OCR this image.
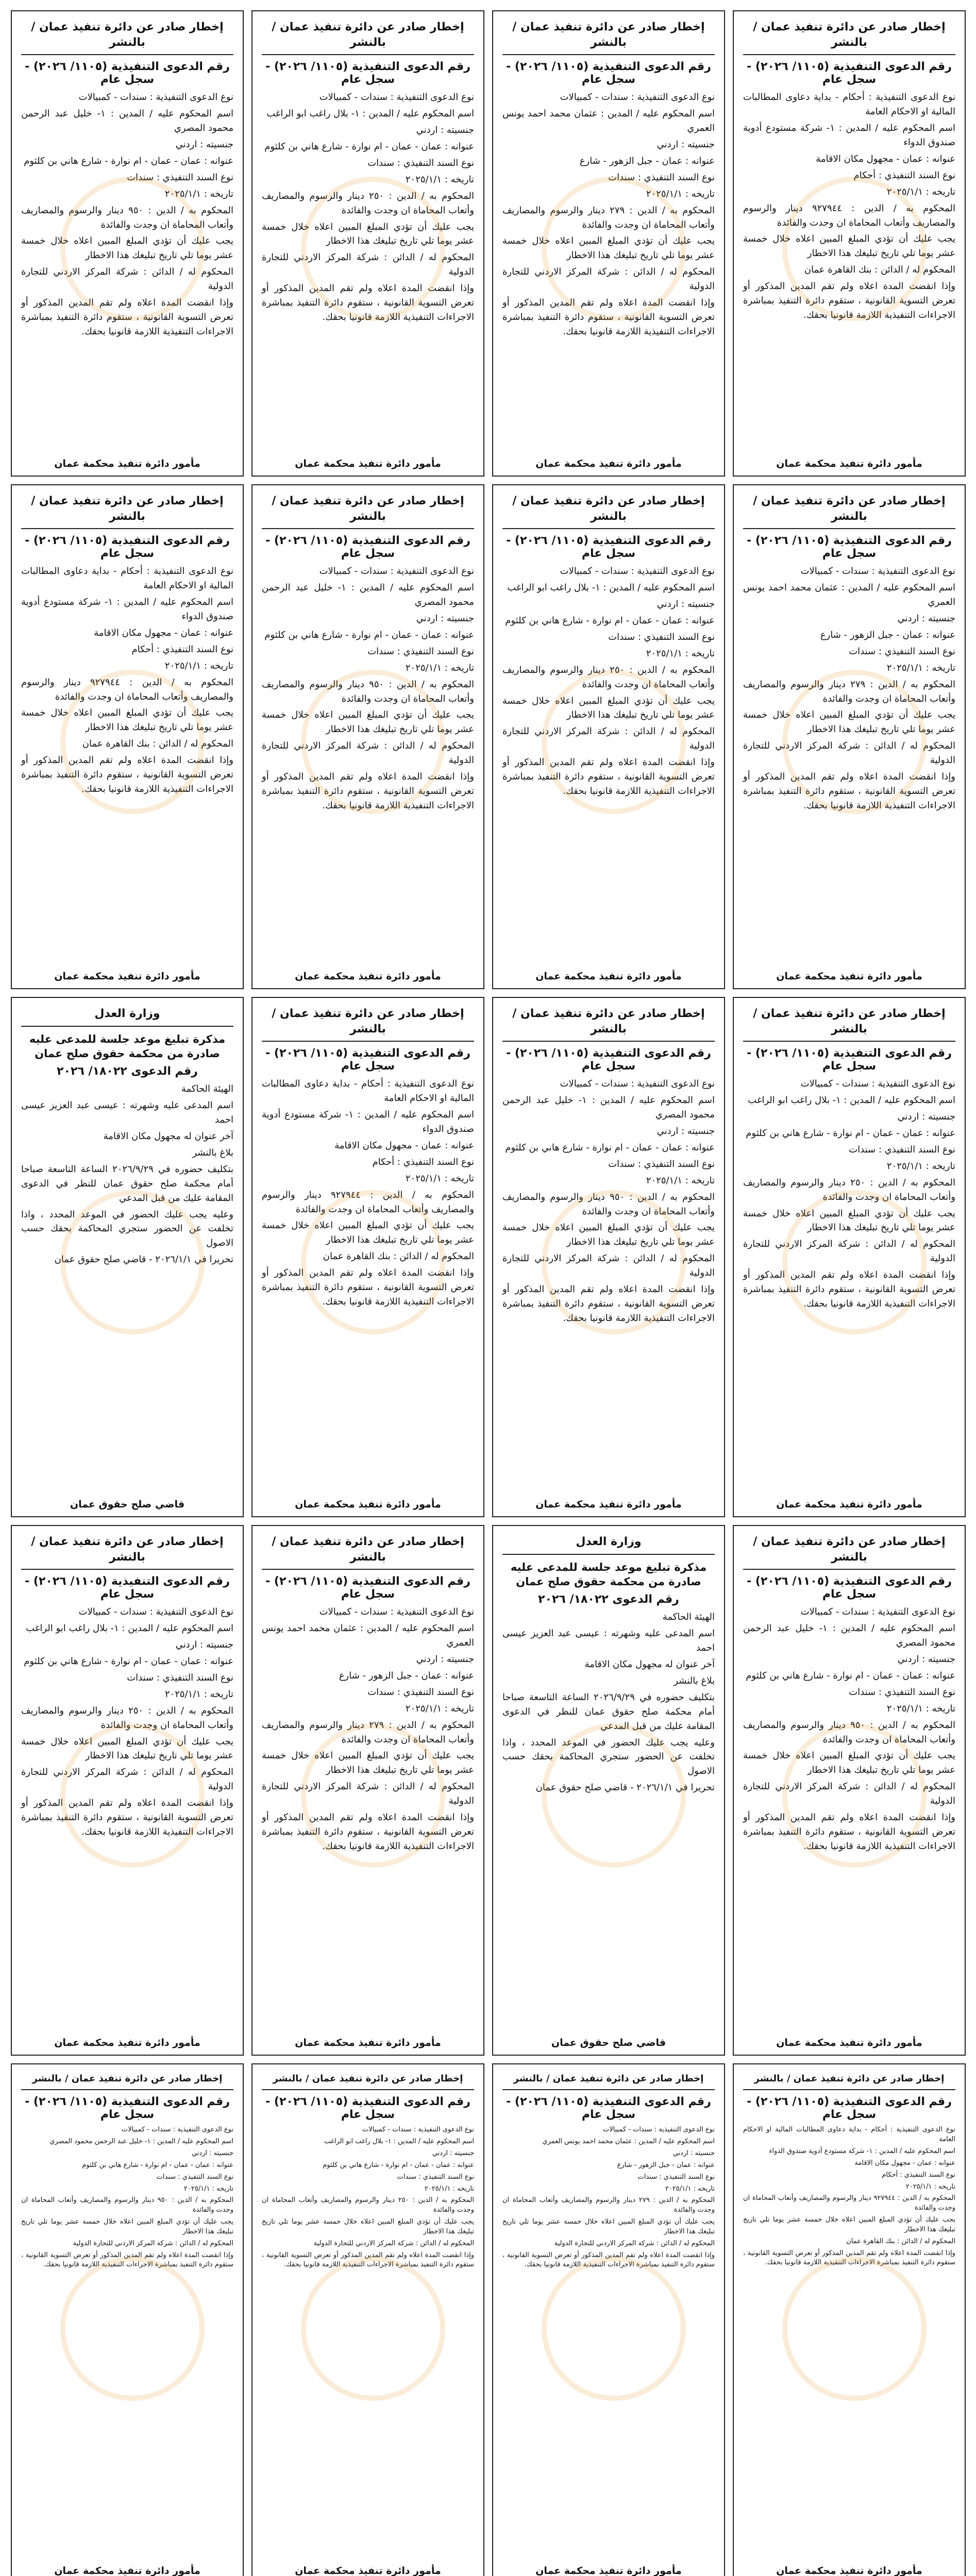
إخطار صادر عن دائرة تنفيذ عمان / بالنشر
رقم الدعوى التنفيذية (١١٠٥/ ٢٠٢٦) - سجل عام

نوع الدعوى التنفيذية : أحكام - بداية دعاوى المطالبات المالية او الاحكام العامة

اسم المحكوم عليه / المدين : ١- شركة مستودع أدوية صندوق الدواء

عنوانه : عمان - مجهول مكان الاقامة

نوع السند التنفيذي : أحكام

تاريخه : ٢٠٢٥/١/١

المحكوم به / الدين : ٩٢٧٩٤٤ دينار والرسوم والمصاريف وأتعاب المحاماة ان وجدت والفائدة

يجب عليك أن تؤدي المبلغ المبين اعلاه خلال خمسة عشر يوما تلي تاريخ تبليغك هذا الاخطار

المحكوم له / الدائن : بنك القاهرة عمان

وإذا انقضت المدة اعلاه ولم تقم المدين المذكور أو تعرض التسوية القانونية ، ستقوم دائرة التنفيذ بمباشرة الاجراءات التنفيذية اللازمة قانونيا بحقك.

مأمور دائرة تنفيذ محكمة عمان
إخطار صادر عن دائرة تنفيذ عمان / بالنشر
رقم الدعوى التنفيذية (١١٠٥/ ٢٠٢٦) - سجل عام

نوع الدعوى التنفيذية : سندات - كمبيالات

اسم المحكوم عليه / المدين : عثمان محمد احمد يونس العمري

جنسيته : اردني

عنوانه : عمان - جبل الزهور - شارع

نوع السند التنفيذي : سندات

تاريخه : ٢٠٢٥/١/١

المحكوم به / الدين : ٢٧٩ دينار والرسوم والمصاريف وأتعاب المحاماة ان وجدت والفائدة

يجب عليك أن تؤدي المبلغ المبين اعلاه خلال خمسة عشر يوما تلي تاريخ تبليغك هذا الاخطار

المحكوم له / الدائن : شركة المركز الاردني للتجارة الدولية

وإذا انقضت المدة اعلاه ولم تقم المدين المذكور أو تعرض التسوية القانونية ، ستقوم دائرة التنفيذ بمباشرة الاجراءات التنفيذية اللازمة قانونيا بحقك.

مأمور دائرة تنفيذ محكمة عمان
إخطار صادر عن دائرة تنفيذ عمان / بالنشر
رقم الدعوى التنفيذية (١١٠٥/ ٢٠٢٦) - سجل عام

نوع الدعوى التنفيذية : سندات - كمبيالات

اسم المحكوم عليه / المدين : ١- بلال راغب ابو الراغب

جنسيته : اردني

عنوانه : عمان - عمان - ام نوارة - شارع هاني بن كلثوم

نوع السند التنفيذي : سندات

تاريخه : ٢٠٢٥/١/١

المحكوم به / الدين : ٢٥٠ دينار والرسوم والمصاريف وأتعاب المحاماة ان وجدت والفائدة

يجب عليك أن تؤدي المبلغ المبين اعلاه خلال خمسة عشر يوما تلي تاريخ تبليغك هذا الاخطار

المحكوم له / الدائن : شركة المركز الاردني للتجارة الدولية

وإذا انقضت المدة اعلاه ولم تقم المدين المذكور أو تعرض التسوية القانونية ، ستقوم دائرة التنفيذ بمباشرة الاجراءات التنفيذية اللازمة قانونيا بحقك.

مأمور دائرة تنفيذ محكمة عمان
إخطار صادر عن دائرة تنفيذ عمان / بالنشر
رقم الدعوى التنفيذية (١١٠٥/ ٢٠٢٦) - سجل عام

نوع الدعوى التنفيذية : سندات - كمبيالات

اسم المحكوم عليه / المدين : ١- خليل عبد الرحمن محمود المصري

جنسيته : اردني

عنوانه : عمان - عمان - ام نوارة - شارع هاني بن كلثوم

نوع السند التنفيذي : سندات

تاريخه : ٢٠٢٥/١/١

المحكوم به / الدين : ٩٥٠ دينار والرسوم والمصاريف وأتعاب المحاماة ان وجدت والفائدة

يجب عليك أن تؤدي المبلغ المبين اعلاه خلال خمسة عشر يوما تلي تاريخ تبليغك هذا الاخطار

المحكوم له / الدائن : شركة المركز الاردني للتجارة الدولية

وإذا انقضت المدة اعلاه ولم تقم المدين المذكور أو تعرض التسوية القانونية ، ستقوم دائرة التنفيذ بمباشرة الاجراءات التنفيذية اللازمة قانونيا بحقك.

مأمور دائرة تنفيذ محكمة عمان
إخطار صادر عن دائرة تنفيذ عمان / بالنشر
رقم الدعوى التنفيذية (١١٠٥/ ٢٠٢٦) - سجل عام

نوع الدعوى التنفيذية : سندات - كمبيالات

اسم المحكوم عليه / المدين : عثمان محمد احمد يونس العمري

جنسيته : اردني

عنوانه : عمان - جبل الزهور - شارع

نوع السند التنفيذي : سندات

تاريخه : ٢٠٢٥/١/١

المحكوم به / الدين : ٢٧٩ دينار والرسوم والمصاريف وأتعاب المحاماة ان وجدت والفائدة

يجب عليك أن تؤدي المبلغ المبين اعلاه خلال خمسة عشر يوما تلي تاريخ تبليغك هذا الاخطار

المحكوم له / الدائن : شركة المركز الاردني للتجارة الدولية

وإذا انقضت المدة اعلاه ولم تقم المدين المذكور أو تعرض التسوية القانونية ، ستقوم دائرة التنفيذ بمباشرة الاجراءات التنفيذية اللازمة قانونيا بحقك.

مأمور دائرة تنفيذ محكمة عمان
إخطار صادر عن دائرة تنفيذ عمان / بالنشر
رقم الدعوى التنفيذية (١١٠٥/ ٢٠٢٦) - سجل عام

نوع الدعوى التنفيذية : سندات - كمبيالات

اسم المحكوم عليه / المدين : ١- بلال راغب ابو الراغب

جنسيته : اردني

عنوانه : عمان - عمان - ام نوارة - شارع هاني بن كلثوم

نوع السند التنفيذي : سندات

تاريخه : ٢٠٢٥/١/١

المحكوم به / الدين : ٢٥٠ دينار والرسوم والمصاريف وأتعاب المحاماة ان وجدت والفائدة

يجب عليك أن تؤدي المبلغ المبين اعلاه خلال خمسة عشر يوما تلي تاريخ تبليغك هذا الاخطار

المحكوم له / الدائن : شركة المركز الاردني للتجارة الدولية

وإذا انقضت المدة اعلاه ولم تقم المدين المذكور أو تعرض التسوية القانونية ، ستقوم دائرة التنفيذ بمباشرة الاجراءات التنفيذية اللازمة قانونيا بحقك.

مأمور دائرة تنفيذ محكمة عمان
إخطار صادر عن دائرة تنفيذ عمان / بالنشر
رقم الدعوى التنفيذية (١١٠٥/ ٢٠٢٦) - سجل عام

نوع الدعوى التنفيذية : سندات - كمبيالات

اسم المحكوم عليه / المدين : ١- خليل عبد الرحمن محمود المصري

جنسيته : اردني

عنوانه : عمان - عمان - ام نوارة - شارع هاني بن كلثوم

نوع السند التنفيذي : سندات

تاريخه : ٢٠٢٥/١/١

المحكوم به / الدين : ٩٥٠ دينار والرسوم والمصاريف وأتعاب المحاماة ان وجدت والفائدة

يجب عليك أن تؤدي المبلغ المبين اعلاه خلال خمسة عشر يوما تلي تاريخ تبليغك هذا الاخطار

المحكوم له / الدائن : شركة المركز الاردني للتجارة الدولية

وإذا انقضت المدة اعلاه ولم تقم المدين المذكور أو تعرض التسوية القانونية ، ستقوم دائرة التنفيذ بمباشرة الاجراءات التنفيذية اللازمة قانونيا بحقك.

مأمور دائرة تنفيذ محكمة عمان
إخطار صادر عن دائرة تنفيذ عمان / بالنشر
رقم الدعوى التنفيذية (١١٠٥/ ٢٠٢٦) - سجل عام

نوع الدعوى التنفيذية : أحكام - بداية دعاوى المطالبات المالية او الاحكام العامة

اسم المحكوم عليه / المدين : ١- شركة مستودع أدوية صندوق الدواء

عنوانه : عمان - مجهول مكان الاقامة

نوع السند التنفيذي : أحكام

تاريخه : ٢٠٢٥/١/١

المحكوم به / الدين : ٩٢٧٩٤٤ دينار والرسوم والمصاريف وأتعاب المحاماة ان وجدت والفائدة

يجب عليك أن تؤدي المبلغ المبين اعلاه خلال خمسة عشر يوما تلي تاريخ تبليغك هذا الاخطار

المحكوم له / الدائن : بنك القاهرة عمان

وإذا انقضت المدة اعلاه ولم تقم المدين المذكور أو تعرض التسوية القانونية ، ستقوم دائرة التنفيذ بمباشرة الاجراءات التنفيذية اللازمة قانونيا بحقك.

مأمور دائرة تنفيذ محكمة عمان
إخطار صادر عن دائرة تنفيذ عمان / بالنشر
رقم الدعوى التنفيذية (١١٠٥/ ٢٠٢٦) - سجل عام

نوع الدعوى التنفيذية : سندات - كمبيالات

اسم المحكوم عليه / المدين : ١- بلال راغب ابو الراغب

جنسيته : اردني

عنوانه : عمان - عمان - ام نوارة - شارع هاني بن كلثوم

نوع السند التنفيذي : سندات

تاريخه : ٢٠٢٥/١/١

المحكوم به / الدين : ٢٥٠ دينار والرسوم والمصاريف وأتعاب المحاماة ان وجدت والفائدة

يجب عليك أن تؤدي المبلغ المبين اعلاه خلال خمسة عشر يوما تلي تاريخ تبليغك هذا الاخطار

المحكوم له / الدائن : شركة المركز الاردني للتجارة الدولية

وإذا انقضت المدة اعلاه ولم تقم المدين المذكور أو تعرض التسوية القانونية ، ستقوم دائرة التنفيذ بمباشرة الاجراءات التنفيذية اللازمة قانونيا بحقك.

مأمور دائرة تنفيذ محكمة عمان
إخطار صادر عن دائرة تنفيذ عمان / بالنشر
رقم الدعوى التنفيذية (١١٠٥/ ٢٠٢٦) - سجل عام

نوع الدعوى التنفيذية : سندات - كمبيالات

اسم المحكوم عليه / المدين : ١- خليل عبد الرحمن محمود المصري

جنسيته : اردني

عنوانه : عمان - عمان - ام نوارة - شارع هاني بن كلثوم

نوع السند التنفيذي : سندات

تاريخه : ٢٠٢٥/١/١

المحكوم به / الدين : ٩٥٠ دينار والرسوم والمصاريف وأتعاب المحاماة ان وجدت والفائدة

يجب عليك أن تؤدي المبلغ المبين اعلاه خلال خمسة عشر يوما تلي تاريخ تبليغك هذا الاخطار

المحكوم له / الدائن : شركة المركز الاردني للتجارة الدولية

وإذا انقضت المدة اعلاه ولم تقم المدين المذكور أو تعرض التسوية القانونية ، ستقوم دائرة التنفيذ بمباشرة الاجراءات التنفيذية اللازمة قانونيا بحقك.

مأمور دائرة تنفيذ محكمة عمان
إخطار صادر عن دائرة تنفيذ عمان / بالنشر
رقم الدعوى التنفيذية (١١٠٥/ ٢٠٢٦) - سجل عام

نوع الدعوى التنفيذية : أحكام - بداية دعاوى المطالبات المالية او الاحكام العامة

اسم المحكوم عليه / المدين : ١- شركة مستودع أدوية صندوق الدواء

عنوانه : عمان - مجهول مكان الاقامة

نوع السند التنفيذي : أحكام

تاريخه : ٢٠٢٥/١/١

المحكوم به / الدين : ٩٢٧٩٤٤ دينار والرسوم والمصاريف وأتعاب المحاماة ان وجدت والفائدة

يجب عليك أن تؤدي المبلغ المبين اعلاه خلال خمسة عشر يوما تلي تاريخ تبليغك هذا الاخطار

المحكوم له / الدائن : بنك القاهرة عمان

وإذا انقضت المدة اعلاه ولم تقم المدين المذكور أو تعرض التسوية القانونية ، ستقوم دائرة التنفيذ بمباشرة الاجراءات التنفيذية اللازمة قانونيا بحقك.

مأمور دائرة تنفيذ محكمة عمان
وزارة العدل
مذكرة تبليغ موعد جلسة للمدعى عليه صادرة من محكمة حقوق صلح عمان
رقم الدعوى ١٨٠٢٢/ ٢٠٢٦

الهيئة الحاكمة

اسم المدعى عليه وشهرته : عيسى عبد العزيز عيسى احمد

آخر عنوان له مجهول مكان الاقامة

بلاغ بالنشر

بتكليف حضوره في ٢٠٢٦/٩/٢٩ الساعة التاسعة صباحا أمام محكمة صلح حقوق عمان للنظر في الدعوى المقامة عليك من قبل المدعي

وعليه يجب عليك الحضور في الموعد المحدد ، واذا تخلفت عن الحضور ستجري المحاكمة بحقك حسب الاصول

تحريرا في ٢٠٢٦/١/١ - قاضي صلح حقوق عمان

قاضي صلح حقوق عمان
إخطار صادر عن دائرة تنفيذ عمان / بالنشر
رقم الدعوى التنفيذية (١١٠٥/ ٢٠٢٦) - سجل عام

نوع الدعوى التنفيذية : سندات - كمبيالات

اسم المحكوم عليه / المدين : ١- خليل عبد الرحمن محمود المصري

جنسيته : اردني

عنوانه : عمان - عمان - ام نوارة - شارع هاني بن كلثوم

نوع السند التنفيذي : سندات

تاريخه : ٢٠٢٥/١/١

المحكوم به / الدين : ٩٥٠ دينار والرسوم والمصاريف وأتعاب المحاماة ان وجدت والفائدة

يجب عليك أن تؤدي المبلغ المبين اعلاه خلال خمسة عشر يوما تلي تاريخ تبليغك هذا الاخطار

المحكوم له / الدائن : شركة المركز الاردني للتجارة الدولية

وإذا انقضت المدة اعلاه ولم تقم المدين المذكور أو تعرض التسوية القانونية ، ستقوم دائرة التنفيذ بمباشرة الاجراءات التنفيذية اللازمة قانونيا بحقك.

مأمور دائرة تنفيذ محكمة عمان
وزارة العدل
مذكرة تبليغ موعد جلسة للمدعى عليه صادرة من محكمة حقوق صلح عمان
رقم الدعوى ١٨٠٢٢/ ٢٠٢٦

الهيئة الحاكمة

اسم المدعى عليه وشهرته : عيسى عبد العزيز عيسى احمد

آخر عنوان له مجهول مكان الاقامة

بلاغ بالنشر

بتكليف حضوره في ٢٠٢٦/٩/٢٩ الساعة التاسعة صباحا أمام محكمة صلح حقوق عمان للنظر في الدعوى المقامة عليك من قبل المدعي

وعليه يجب عليك الحضور في الموعد المحدد ، واذا تخلفت عن الحضور ستجري المحاكمة بحقك حسب الاصول

تحريرا في ٢٠٢٦/١/١ - قاضي صلح حقوق عمان

قاضي صلح حقوق عمان
إخطار صادر عن دائرة تنفيذ عمان / بالنشر
رقم الدعوى التنفيذية (١١٠٥/ ٢٠٢٦) - سجل عام

نوع الدعوى التنفيذية : سندات - كمبيالات

اسم المحكوم عليه / المدين : عثمان محمد احمد يونس العمري

جنسيته : اردني

عنوانه : عمان - جبل الزهور - شارع

نوع السند التنفيذي : سندات

تاريخه : ٢٠٢٥/١/١

المحكوم به / الدين : ٢٧٩ دينار والرسوم والمصاريف وأتعاب المحاماة ان وجدت والفائدة

يجب عليك أن تؤدي المبلغ المبين اعلاه خلال خمسة عشر يوما تلي تاريخ تبليغك هذا الاخطار

المحكوم له / الدائن : شركة المركز الاردني للتجارة الدولية

وإذا انقضت المدة اعلاه ولم تقم المدين المذكور أو تعرض التسوية القانونية ، ستقوم دائرة التنفيذ بمباشرة الاجراءات التنفيذية اللازمة قانونيا بحقك.

مأمور دائرة تنفيذ محكمة عمان
إخطار صادر عن دائرة تنفيذ عمان / بالنشر
رقم الدعوى التنفيذية (١١٠٥/ ٢٠٢٦) - سجل عام

نوع الدعوى التنفيذية : سندات - كمبيالات

اسم المحكوم عليه / المدين : ١- بلال راغب ابو الراغب

جنسيته : اردني

عنوانه : عمان - عمان - ام نوارة - شارع هاني بن كلثوم

نوع السند التنفيذي : سندات

تاريخه : ٢٠٢٥/١/١

المحكوم به / الدين : ٢٥٠ دينار والرسوم والمصاريف وأتعاب المحاماة ان وجدت والفائدة

يجب عليك أن تؤدي المبلغ المبين اعلاه خلال خمسة عشر يوما تلي تاريخ تبليغك هذا الاخطار

المحكوم له / الدائن : شركة المركز الاردني للتجارة الدولية

وإذا انقضت المدة اعلاه ولم تقم المدين المذكور أو تعرض التسوية القانونية ، ستقوم دائرة التنفيذ بمباشرة الاجراءات التنفيذية اللازمة قانونيا بحقك.

مأمور دائرة تنفيذ محكمة عمان
إخطار صادر عن دائرة تنفيذ عمان / بالنشر
رقم الدعوى التنفيذية (١١٠٥/ ٢٠٢٦) - سجل عام

نوع الدعوى التنفيذية : أحكام - بداية دعاوى المطالبات المالية او الاحكام العامة

اسم المحكوم عليه / المدين : ١- شركة مستودع أدوية صندوق الدواء

عنوانه : عمان - مجهول مكان الاقامة

نوع السند التنفيذي : أحكام

تاريخه : ٢٠٢٥/١/١

المحكوم به / الدين : ٩٢٧٩٤٤ دينار والرسوم والمصاريف وأتعاب المحاماة ان وجدت والفائدة

يجب عليك أن تؤدي المبلغ المبين اعلاه خلال خمسة عشر يوما تلي تاريخ تبليغك هذا الاخطار

المحكوم له / الدائن : بنك القاهرة عمان

وإذا انقضت المدة اعلاه ولم تقم المدين المذكور أو تعرض التسوية القانونية ، ستقوم دائرة التنفيذ بمباشرة الاجراءات التنفيذية اللازمة قانونيا بحقك.

مأمور دائرة تنفيذ محكمة عمان
إخطار صادر عن دائرة تنفيذ عمان / بالنشر
رقم الدعوى التنفيذية (١١٠٥/ ٢٠٢٦) - سجل عام

نوع الدعوى التنفيذية : سندات - كمبيالات

اسم المحكوم عليه / المدين : عثمان محمد احمد يونس العمري

جنسيته : اردني

عنوانه : عمان - جبل الزهور - شارع

نوع السند التنفيذي : سندات

تاريخه : ٢٠٢٥/١/١

المحكوم به / الدين : ٢٧٩ دينار والرسوم والمصاريف وأتعاب المحاماة ان وجدت والفائدة

يجب عليك أن تؤدي المبلغ المبين اعلاه خلال خمسة عشر يوما تلي تاريخ تبليغك هذا الاخطار

المحكوم له / الدائن : شركة المركز الاردني للتجارة الدولية

وإذا انقضت المدة اعلاه ولم تقم المدين المذكور أو تعرض التسوية القانونية ، ستقوم دائرة التنفيذ بمباشرة الاجراءات التنفيذية اللازمة قانونيا بحقك.

مأمور دائرة تنفيذ محكمة عمان
إخطار صادر عن دائرة تنفيذ عمان / بالنشر
رقم الدعوى التنفيذية (١١٠٥/ ٢٠٢٦) - سجل عام

نوع الدعوى التنفيذية : سندات - كمبيالات

اسم المحكوم عليه / المدين : ١- بلال راغب ابو الراغب

جنسيته : اردني

عنوانه : عمان - عمان - ام نوارة - شارع هاني بن كلثوم

نوع السند التنفيذي : سندات

تاريخه : ٢٠٢٥/١/١

المحكوم به / الدين : ٢٥٠ دينار والرسوم والمصاريف وأتعاب المحاماة ان وجدت والفائدة

يجب عليك أن تؤدي المبلغ المبين اعلاه خلال خمسة عشر يوما تلي تاريخ تبليغك هذا الاخطار

المحكوم له / الدائن : شركة المركز الاردني للتجارة الدولية

وإذا انقضت المدة اعلاه ولم تقم المدين المذكور أو تعرض التسوية القانونية ، ستقوم دائرة التنفيذ بمباشرة الاجراءات التنفيذية اللازمة قانونيا بحقك.

مأمور دائرة تنفيذ محكمة عمان
إخطار صادر عن دائرة تنفيذ عمان / بالنشر
رقم الدعوى التنفيذية (١١٠٥/ ٢٠٢٦) - سجل عام

نوع الدعوى التنفيذية : سندات - كمبيالات

اسم المحكوم عليه / المدين : ١- خليل عبد الرحمن محمود المصري

جنسيته : اردني

عنوانه : عمان - عمان - ام نوارة - شارع هاني بن كلثوم

نوع السند التنفيذي : سندات

تاريخه : ٢٠٢٥/١/١

المحكوم به / الدين : ٩٥٠ دينار والرسوم والمصاريف وأتعاب المحاماة ان وجدت والفائدة

يجب عليك أن تؤدي المبلغ المبين اعلاه خلال خمسة عشر يوما تلي تاريخ تبليغك هذا الاخطار

المحكوم له / الدائن : شركة المركز الاردني للتجارة الدولية

وإذا انقضت المدة اعلاه ولم تقم المدين المذكور أو تعرض التسوية القانونية ، ستقوم دائرة التنفيذ بمباشرة الاجراءات التنفيذية اللازمة قانونيا بحقك.

مأمور دائرة تنفيذ محكمة عمان
